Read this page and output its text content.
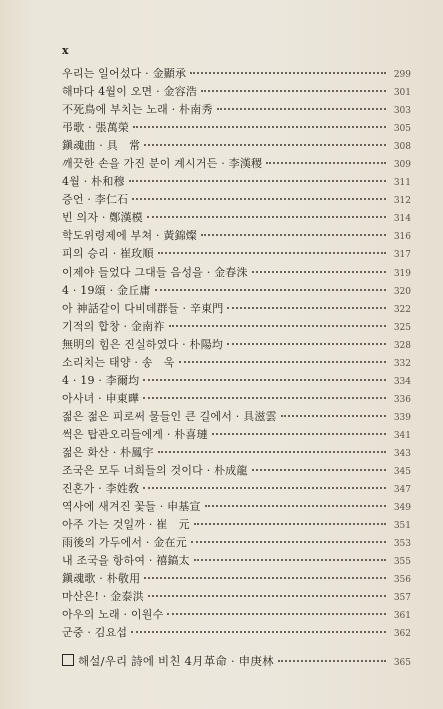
x
우리는 일어섰다 · 金顯承	299
해마다 4월이 오면 · 金容浩	301
不死鳥에 부치는 노래 · 朴南秀	303
弔歌 · 張萬榮	305
鎭魂曲 · 具　常	308
깨끗한 손을 가진 분이 계시거든 · 李漢稷	309
4월 · 朴和穆	311
증언 · 李仁石	312
빈 의자 · 鄭漢模	314
학도위령제에 부쳐 · 黃錦燦	316
피의 승리 · 崔玫順	317
이제야 들었다 그대들 음성을 · 金春洙	319
4 · 19頌 · 金丘庸	320
아 神話같이 다비데群들 · 辛東門	322
기적의 합창 · 金南祚	325
無明의 힘은 진실하였다 · 朴陽均	328
소리치는 태양 · 송　욱	332
4 · 19 · 李爾均	334
아사녀 · 申東曄	336
젊은 젊은 피로써 물들인 큰 길에서 · 具滋雲	339
썩은 탑관오리들에게 · 朴喜璉	341
젊은 화산 · 朴鳳宇	343
조국은 모두 너희들의 것이다 · 朴成龍	345
진혼가 · 李姓敎	347
역사에 새겨진 꽃들 · 申基宣	349
아주 가는 것일까 · 崔　元	351
雨後의 가두에서 · 金在元	353
내 조국을 항하여 · 禧鎬太	355
鎭魂歌 · 朴敬用	356
마산은! · 金泰洪	357
아우의 노래 · 이원수	361
군중 · 김요섭	362
해설/우리 詩에 비친 4月革命 · 申庚林	365
